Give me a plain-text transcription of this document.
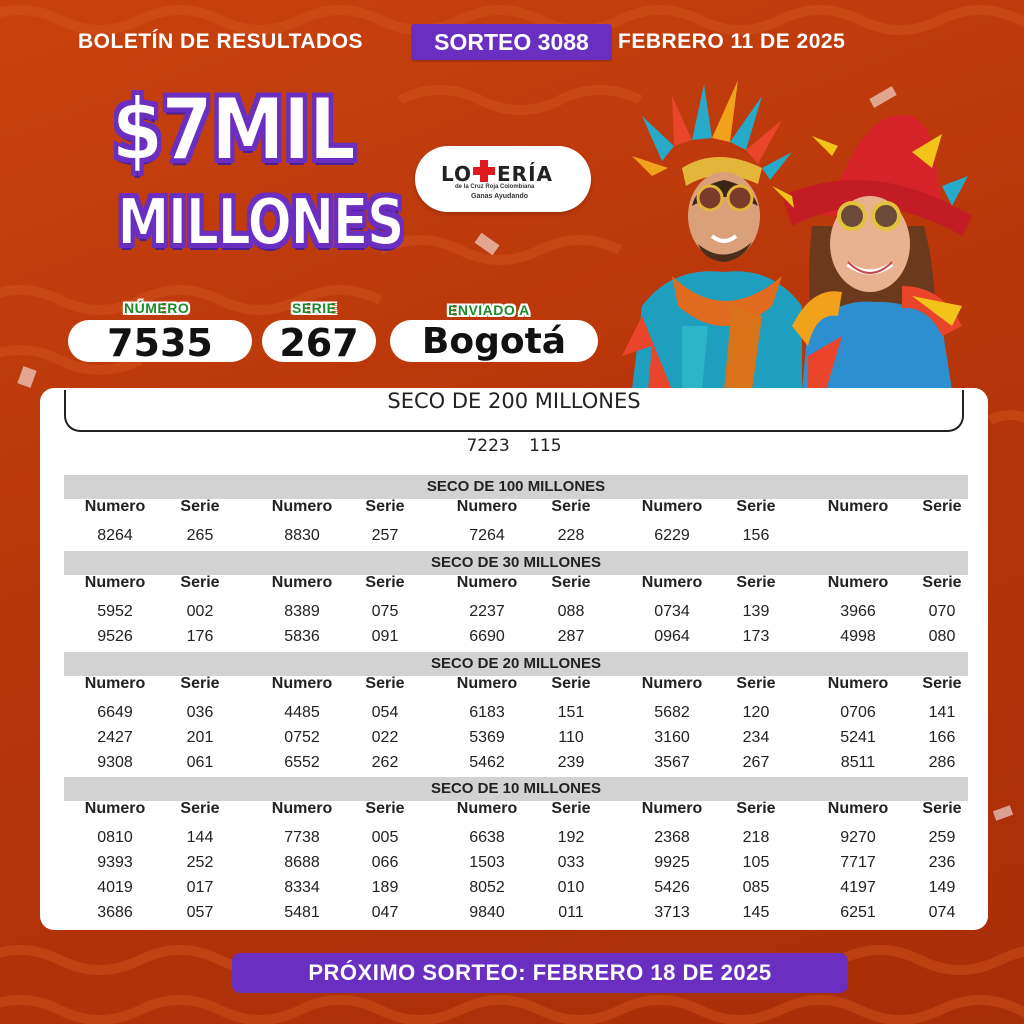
BOLETÍN DE RESULTADOS	SORTEO 3088	FEBRERO 11 DE 2025
$7MIL
MILLONES
LO ERÍA
de la Cruz Roja Colombiana
Ganas Ayudando
NÚMERO
7535
SERIE
267
ENVIADO A
Bogotá
SECO DE 200 MILLONES
7223 115
SECO DE 100 MILLONES
Numero Serie	Numero Serie	Numero Serie	Numero Serie	Numero Serie
8264	265	8830	257	7264	228	6229	156
SECO DE 30 MILLONES
Numero Serie	Numero Serie	Numero Serie	Numero Serie	Numero Serie
5952	002	8389	075	2237	088	0734	139	3966	070
9526	176	5836	091	6690	287	0964	173	4998	080
SECO DE 20 MILLONES
Numero Serie	Numero Serie	Numero Serie	Numero Serie	Numero Serie
6649	036	4485	054	6183	151	5682	120	0706	141
2427	201	0752	022	5369	110	3160	234	5241	166
9308	061	6552	262	5462	239	3567	267	8511	286
SECO DE 10 MILLONES
Numero Serie	Numero Serie	Numero Serie	Numero Serie	Numero Serie
0810	144	7738	005	6638	192	2368	218	9270	259
9393	252	8688	066	1503	033	9925	105	7717	236
4019	017	8334	189	8052	010	5426	085	4197	149
3686	057	5481	047	9840	011	3713	145	6251	074
PRÓXIMO SORTEO: FEBRERO 18 DE 2025
